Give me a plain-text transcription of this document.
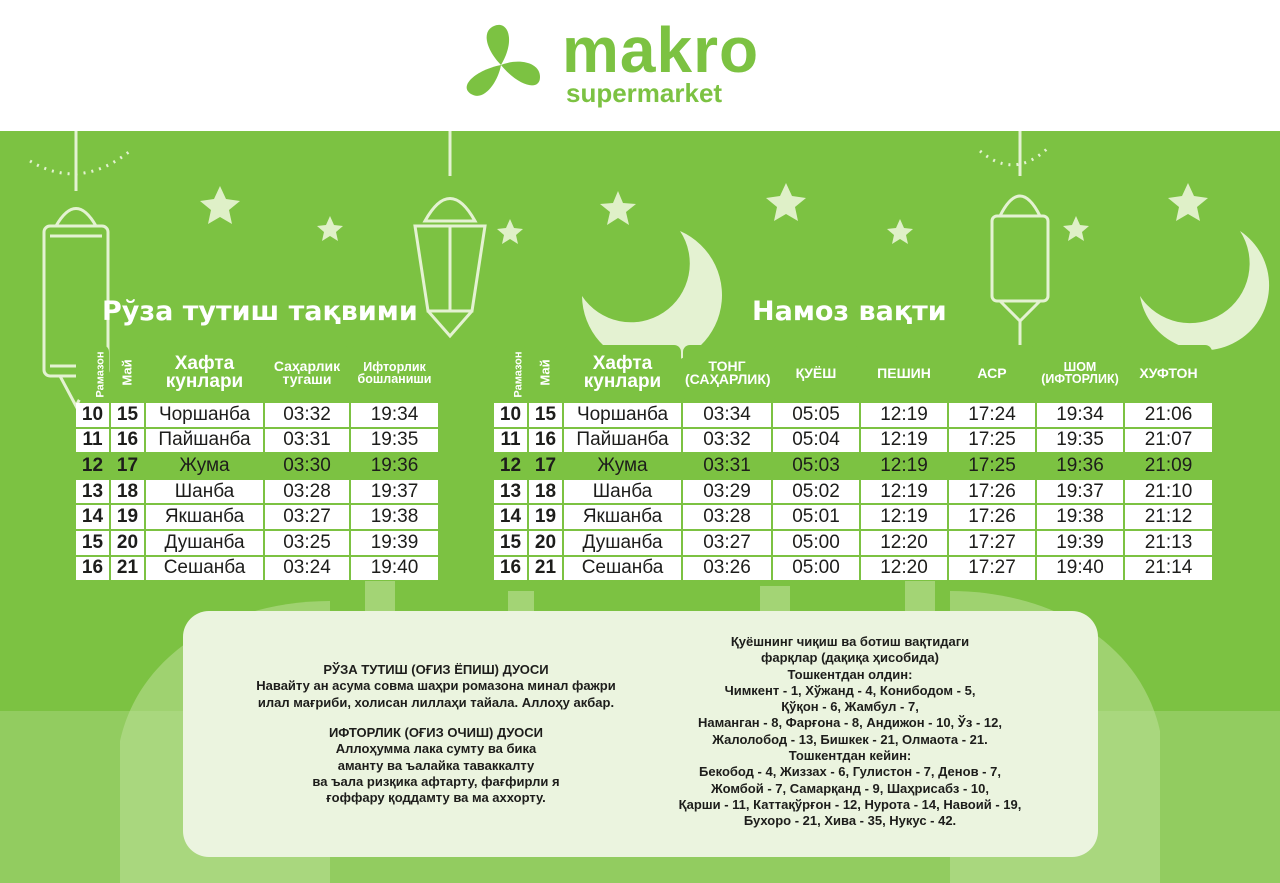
makro
supermarket
Рўза тутиш тақвими	Намоз вақти
Рамазон	Май	Хафта кунлари	Саҳарлик тугаши	Ифторлик бошланиши
10	15	Чоршанба	03:32	19:34
11	16	Пайшанба	03:31	19:35
12	17	Жума	03:30	19:36
13	18	Шанба	03:28	19:37
14	19	Якшанба	03:27	19:38
15	20	Душанба	03:25	19:39
16	21	Сешанба	03:24	19:40
Рамазон	Май	Хафта кунлари	ТОНГ (САҲАРЛИК)	ҚУЁШ	ПЕШИН	АСР	ШОМ (ИФТОРЛИК)	ХУФТОН
10	15	Чоршанба	03:34	05:05	12:19	17:24	19:34	21:06
11	16	Пайшанба	03:32	05:04	12:19	17:25	19:35	21:07
12	17	Жума	03:31	05:03	12:19	17:25	19:36	21:09
13	18	Шанба	03:29	05:02	12:19	17:26	19:37	21:10
14	19	Якшанба	03:28	05:01	12:19	17:26	19:38	21:12
15	20	Душанба	03:27	05:00	12:20	17:27	19:39	21:13
16	21	Сешанба	03:26	05:00	12:20	17:27	19:40	21:14
РЎЗА ТУТИШ (ОҒИЗ ЁПИШ) ДУОСИ
Навайту ан асума совма шаҳри ромазона минал фажри
илал мағриби, холисан лиллаҳи тайала. Аллоҳу акбар.
ИФТОРЛИК (ОҒИЗ ОЧИШ) ДУОСИ
Аллоҳумма лака сумту ва бика
аманту ва ъалайка таваккалту
ва ъала ризқика афтарту, фағфирли я
ғоффару қоддамту ва ма аххорту.
Қуёшнинг чиқиш ва ботиш вақтидаги
фарқлар (дақиқа ҳисобида)
Тошкентдан олдин:
Чимкент - 1, Хўжанд - 4, Конибодом - 5,
Қўқон - 6, Жамбул - 7,
Наманган - 8, Фарғона - 8, Андижон - 10, Ўз - 12,
Жалолобод - 13, Бишкек - 21, Олмаота - 21.
Тошкентдан кейин:
Бекобод - 4, Жиззах - 6, Гулистон - 7, Денов - 7,
Жомбой - 7, Самарқанд - 9, Шаҳрисабз - 10,
Қарши - 11, Каттақўрғон - 12, Нурота - 14, Навоий - 19,
Бухоро - 21, Хива - 35, Нукус - 42.
